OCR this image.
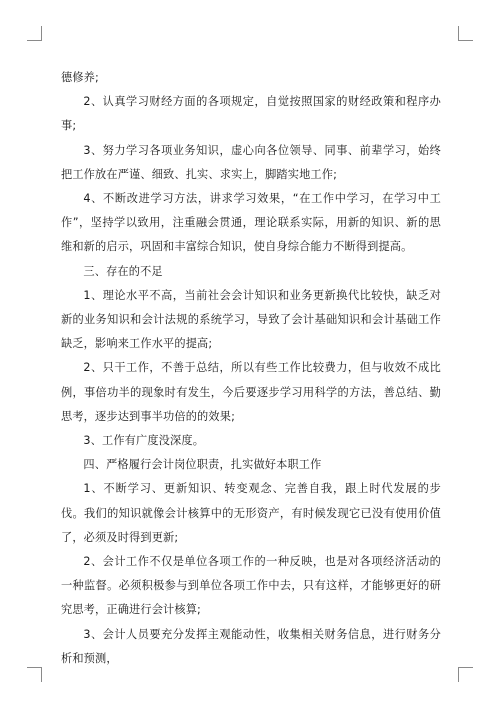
德修养;

2、认真学习财经方面的各项规定，自觉按照国家的财经政策和程序办事;

3、努力学习各项业务知识，虚心向各位领导、同事、前辈学习，始终把工作放在严谨、细致、扎实、求实上，脚踏实地工作;

4、不断改进学习方法，讲求学习效果，“在工作中学习，在学习中工作”，坚持学以致用，注重融会贯通，理论联系实际，用新的知识、新的思维和新的启示，巩固和丰富综合知识，使自身综合能力不断得到提高。

三、存在的不足

1、理论水平不高，当前社会会计知识和业务更新换代比较快，缺乏对新的业务知识和会计法规的系统学习，导致了会计基础知识和会计基础工作缺乏，影响来工作水平的提高;

2、只干工作，不善于总结，所以有些工作比较费力，但与收效不成比例，事倍功半的现象时有发生，今后要逐步学习用科学的方法，善总结、勤思考，逐步达到事半功倍的的效果;

3、工作有广度没深度。

四、严格履行会计岗位职责，扎实做好本职工作

1、不断学习、更新知识、转变观念、完善自我，跟上时代发展的步伐。我们的知识就像会计核算中的无形资产，有时候发现它已没有使用价值了，必须及时得到更新;

2、会计工作不仅是单位各项工作的一种反映，也是对各项经济活动的一种监督。必须积极参与到单位各项工作中去，只有这样，才能够更好的研究思考，正确进行会计核算;

3、会计人员要充分发挥主观能动性，收集相关财务信息，进行财务分析和预测，
